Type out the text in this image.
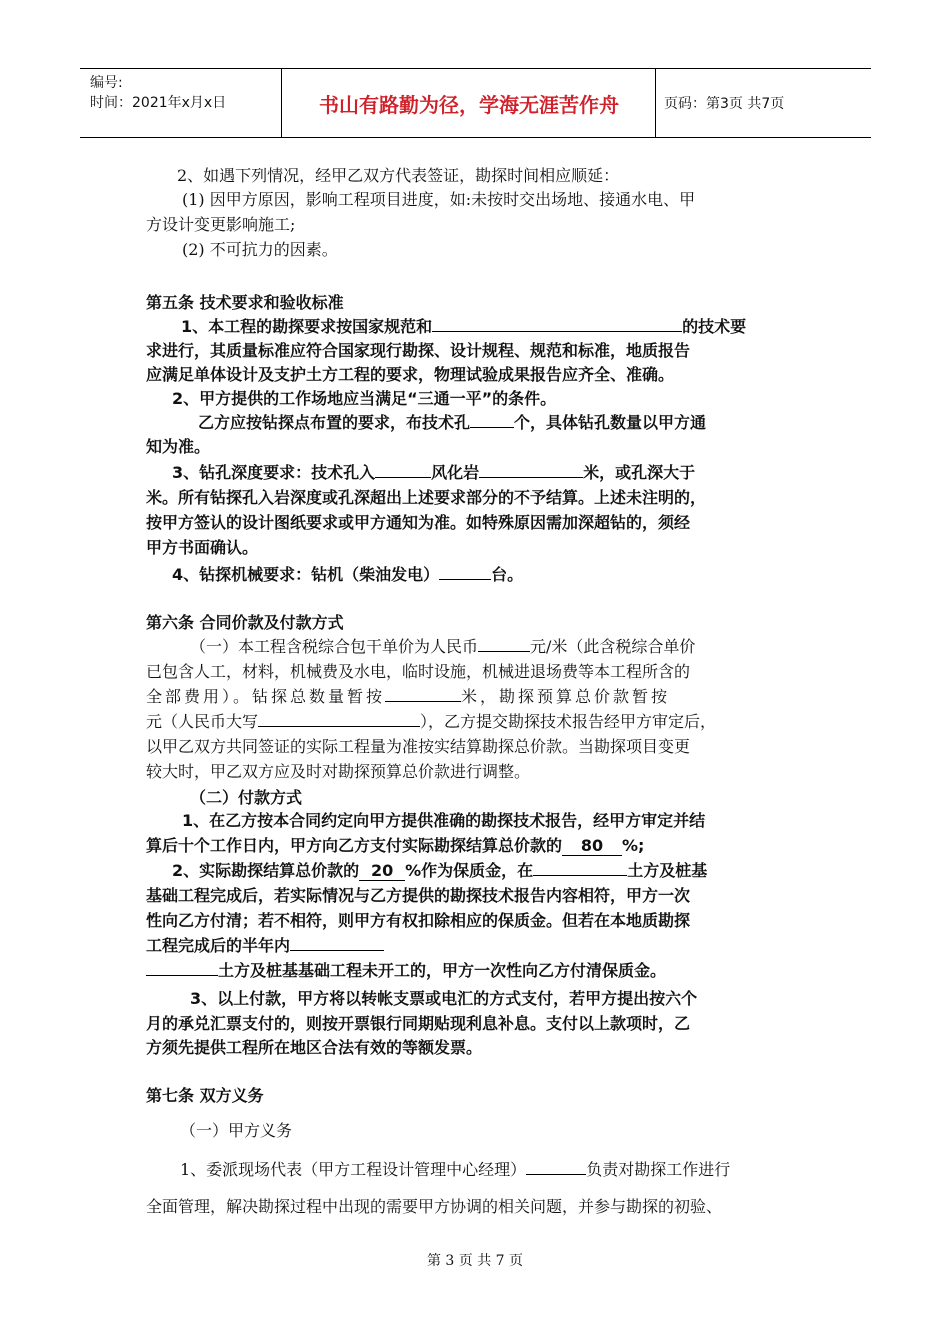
编号:
时间：2021年x月x日	书山有路勤为径，学海无涯苦作舟	页码：第3页 共7页
2、如遇下列情况，经甲乙双方代表签证，勘探时间相应顺延：
(1) 因甲方原因，影响工程项目进度，如:未按时交出场地、接通水电、甲
方设计变更影响施工;
(2) 不可抗力的因素。
第五条 技术要求和验收标准
1、本工程的勘探要求按国家规范和	的技术要
求进行，其质量标准应符合国家现行勘探、设计规程、规范和标准，地质报告
应满足单体设计及支护土方工程的要求，物理试验成果报告应齐全、准确。
2、甲方提供的工作场地应当满足“三通一平”的条件。
乙方应按钻探点布置的要求，布技术孔	个，具体钻孔数量以甲方通
知为准。
3、钻孔深度要求：技术孔入	风化岩	米，或孔深大于
米。所有钻探孔入岩深度或孔深超出上述要求部分的不予结算。上述未注明的，
按甲方签认的设计图纸要求或甲方通知为准。如特殊原因需加深超钻的，须经
甲方书面确认。
4、钻探机械要求：钻机（柴油发电）	台。
第六条 合同价款及付款方式
（一）本工程含税综合包干单价为人民币	元/米（此含税综合单价
已包含人工，材料，机械费及水电，临时设施，机械进退场费等本工程所含的
全部费用）。钻探总数量暂按	米，勘探预算总价款暂按
元（人民币大写	），乙方提交勘探技术报告经甲方审定后，
以甲乙双方共同签证的实际工程量为准按实结算勘探总价款。当勘探项目变更
较大时，甲乙双方应及时对勘探预算总价款进行调整。
（二）付款方式
1、在乙方按本合同约定向甲方提供准确的勘探技术报告，经甲方审定并结
算后十个工作日内，甲方向乙方支付实际勘探结算总价款的 80 %;
2、实际勘探结算总价款的 20 %作为保质金，在	土方及桩基
基础工程完成后，若实际情况与乙方提供的勘探技术报告内容相符，甲方一次
性向乙方付清；若不相符，则甲方有权扣除相应的保质金。但若在本地质勘探
工程完成后的半年内
土方及桩基基础工程未开工的，甲方一次性向乙方付清保质金。
3、以上付款，甲方将以转帐支票或电汇的方式支付，若甲方提出按六个
月的承兑汇票支付的，则按开票银行同期贴现利息补息。支付以上款项时，乙
方须先提供工程所在地区合法有效的等额发票。
第七条 双方义务
（一）甲方义务
1、委派现场代表（甲方工程设计管理中心经理）	负责对勘探工作进行
全面管理，解决勘探过程中出现的需要甲方协调的相关问题，并参与勘探的初验、
第 3 页 共 7 页
